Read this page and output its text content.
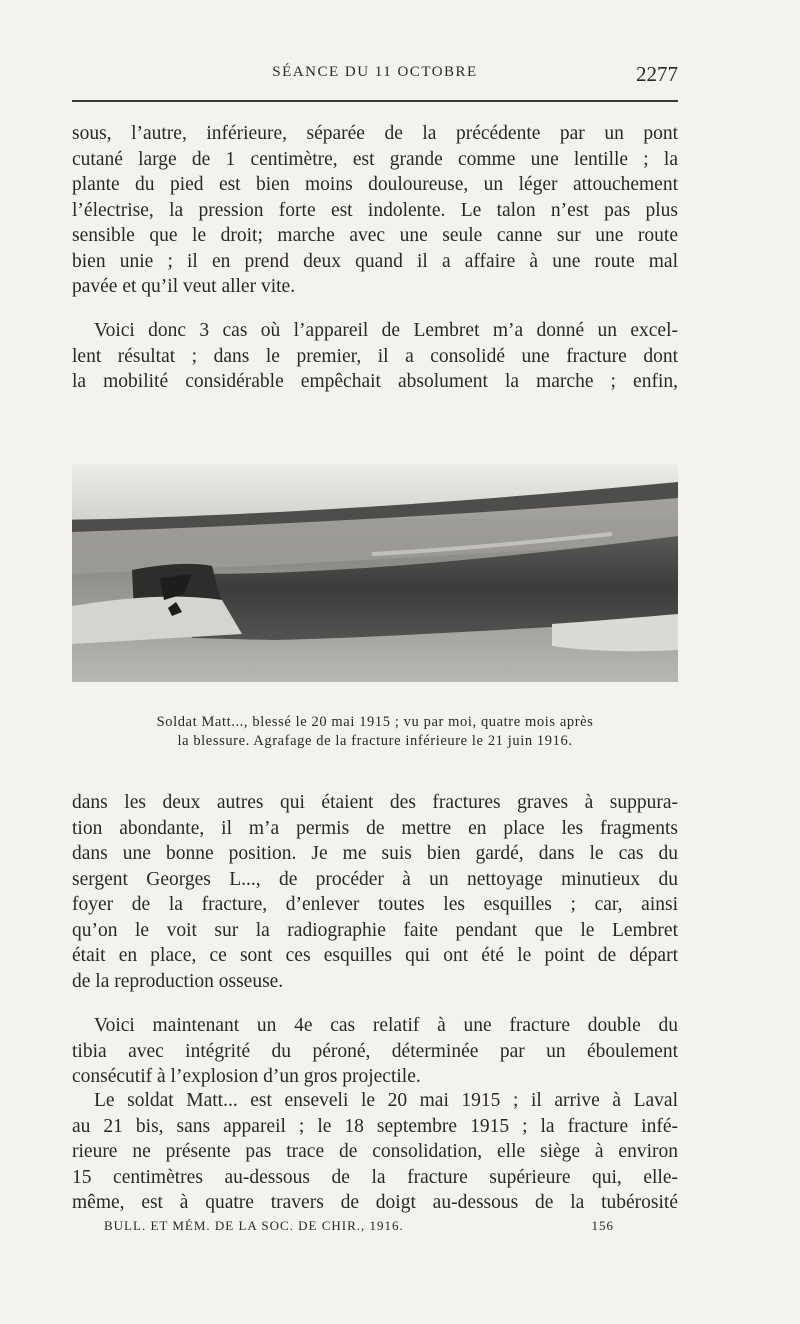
SÉANCE DU 11 OCTOBRE	2277
sous, l’autre, inférieure, séparée de la précédente par un pont
cutané large de 1 centimètre, est grande comme une lentille ; la
plante du pied est bien moins douloureuse, un léger attouchement
l’électrise, la pression forte est indolente. Le talon n’est pas plus
sensible que le droit; marche avec une seule canne sur une route
bien unie ; il en prend deux quand il a affaire à une route mal
pavée et qu’il veut aller vite.
Voici donc 3 cas où l’appareil de Lembret m’a donné un excel-
lent résultat ; dans le premier, il a consolidé une fracture dont
la mobilité considérable empêchait absolument la marche ; enfin,
Soldat Matt..., blessé le 20 mai 1915 ; vu par moi, quatre mois après
la blessure. Agrafage de la fracture inférieure le 21 juin 1916.
dans les deux autres qui étaient des fractures graves à suppura-
tion abondante, il m’a permis de mettre en place les fragments
dans une bonne position. Je me suis bien gardé, dans le cas du
sergent Georges L..., de procéder à un nettoyage minutieux du
foyer de la fracture, d’enlever toutes les esquilles ; car, ainsi
qu’on le voit sur la radiographie faite pendant que le Lembret
était en place, ce sont ces esquilles qui ont été le point de départ
de la reproduction osseuse.
Voici maintenant un 4e cas relatif à une fracture double du
tibia avec intégrité du péroné, déterminée par un éboulement
consécutif à l’explosion d’un gros projectile.
Le soldat Matt... est enseveli le 20 mai 1915 ; il arrive à Laval
au 21 bis, sans appareil ; le 18 septembre 1915 ; la fracture infé-
rieure ne présente pas trace de consolidation, elle siège à environ
15 centimètres au-dessous de la fracture supérieure qui, elle-
même, est à quatre travers de doigt au-dessous de la tubérosité
BULL. ET MÉM. DE LA SOC. DE CHIR., 1916.	156
